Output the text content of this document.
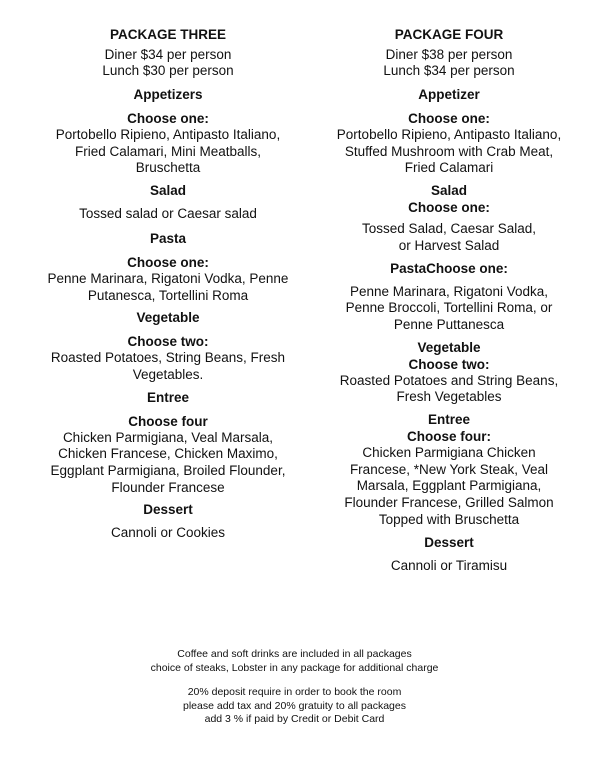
PACKAGE THREE
Diner $34 per person
Lunch $30 per person
Appetizers
Choose one:
Portobello Ripieno, Antipasto Italiano,
Fried Calamari, Mini Meatballs,
Bruschetta
Salad
Tossed salad or Caesar salad
Pasta
Choose one:
Penne Marinara, Rigatoni Vodka, Penne
Putanesca, Tortellini Roma
Vegetable
Choose two:
Roasted Potatoes, String Beans, Fresh
Vegetables.
Entree
Choose four
Chicken Parmigiana, Veal Marsala,
Chicken Francese, Chicken Maximo,
Eggplant Parmigiana, Broiled Flounder,
Flounder Francese
Dessert
Cannoli or Cookies
PACKAGE FOUR
Diner $38 per person
Lunch $34 per person
Appetizer
Choose one:
Portobello Ripieno, Antipasto Italiano,
Stuffed Mushroom with Crab Meat,
Fried Calamari
Salad
Choose one:
Tossed Salad, Caesar Salad,
or Harvest Salad
PastaChoose one:
Penne Marinara, Rigatoni Vodka,
Penne Broccoli, Tortellini Roma, or
Penne Puttanesca
Vegetable
Choose two:
Roasted Potatoes and String Beans,
Fresh Vegetables
Entree
Choose four:
Chicken Parmigiana Chicken
Francese, *New York Steak, Veal
Marsala, Eggplant Parmigiana,
Flounder Francese, Grilled Salmon
Topped with Bruschetta
Dessert
Cannoli or Tiramisu
Coffee and soft drinks are included in all packages
choice of steaks, Lobster in any package for additional charge
20% deposit require in order to book the room
please add tax and 20% gratuity to all packages
add 3 % if paid by Credit or Debit Card
